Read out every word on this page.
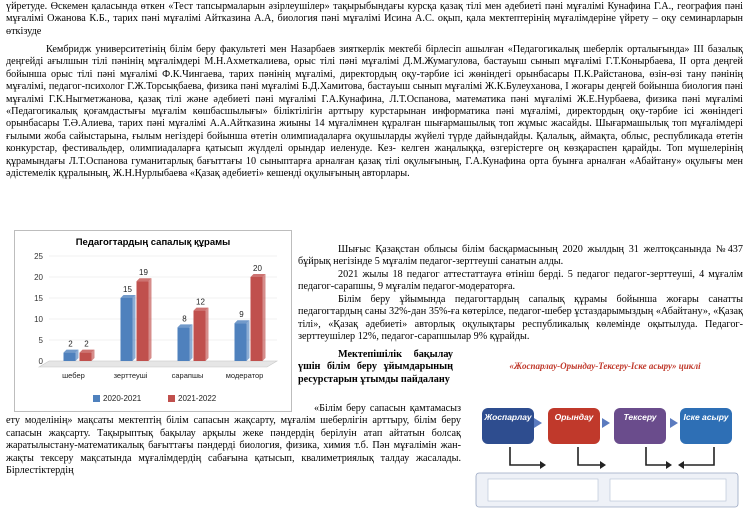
үйретуде. Өскемен қаласында өткен «Тест тапсырмаларын әзірлеушілер» тақырыбындағы курсқа қазақ тілі мен әдебиеті пәні мұғалімі Кунафина Г.А., география пәні мұғалімі Ожанова К.Б., тарих пәні мұғалімі Айтказина А.А, биология пәні мұғалімі Исина А.С. оқып, қала мектептерінің мұғалімдеріне үйрету – оқу семинарларын өткізуде

Кембридж университетінің білім беру факультеті мен Назарбаев зияткерлік мектебі бірлесіп ашылған «Педагогикалық шеберлік орталығында» III базалық деңгейді ағылшын тілі пәнінің мұғалімдері М.Н.Ахметкалиева, орыс тілі пәні мұғалімі Д.М.Жумагулова, бастауыш сынып мұғалімі Г.Т.Конырбаева, II орта деңгей бойынша орыс тілі пәні мұғалімі Ф.К.Чингаева, тарих пәнінің мұғалімі, директордың оқу-тәрбие ісі жөніндегі орынбасары П.К.Райстанова, өзін-өзі тану пәнінің мұғалімі, педагог-психолог Г.Ж.Торсықбаева, физика пәні мұғалімі Б.Д.Хамитова, бастауыш сынып мұғалімі Ж.К.Булеуханова, I жоғары деңгей бойынша биология пәні мұғалімі Г.К.Ныгметжанова, қазақ тілі және әдебиеті пәні мұғалімі Г.А.Кунафина, Л.Т.Оспанова, математика пәні мұғалімі Ж.Е.Нурбаева, физика пәні мұғалімі «Педагогикалық қоғамдастығы мұғалім көшбасшылығы» біліктілігін арттыру курстарынан информатика пәні мұғалімі, директордың оқу-тәрбие ісі жөніндегі орынбасары Т.Ә.Алиева, тарих пәні мұғалімі А.А.Айтказина жиыны 14 мұғалімнен құралған шығармашылық топ жұмыс жасайды. Шығармашылық топ мұғалімдері ғылыми жоба сайыстарына, ғылым негіздері бойынша өтетін олимпиадаларға оқушыларды жүйелі түрде дайындайды. Қалалық, аймақта, облыс, республикада өтетін конкурстар, фестивальдер, олимпиадаларға қатысып жүлделі орындар иеленуде. Кез- келген жаңалыққа, өзгерістерге оң көзқараспен қарайды. Топ мүшелерінің құрамындағы Л.Т.Оспанова гуманитарлық бағыттағы 10 сыныптарға арналған қазақ тілі оқулығының, Г.А.Кунафина орта буынға арналған «Абайтану» оқулығы мен әдістемелік құралының, Ж.Н.Нурлыбаева «Қазақ әдебиеті» кешенді оқулығының авторлары.

Педагогтардың сапалық құрамы
0
5
10
15
20
25
2 2
шебер
15
19
зерттеуші
8
12
сарапшы
9
20
модератор
2020-2021	2021-2022

Шығыс Қазақстан облысы білім басқармасының 2020 жылдың 31 желтоқсанында №437 бұйрық негізінде 5 мұғалім педагог-зерттеуші санатын алды.

2021 жылы 18 педагог аттестаттауға өтініш берді. 5 педагог педагог-зерттеуші, 4 мұғалім педагог-сарапшы, 9 мұғалім педагог-модераторға.

Білім беру ұйымында педагогтардың сапалық құрамы бойынша жоғары санатты педагогтардың саны 32%-дан 35%-ға көтерілсе, педагог-шебер ұстаздарымыздың «Абайтану», «Қазақ тілі», «Қазақ әдебиеті» авторлық оқулықтары республикалық көлемінде оқытылуда. Педагог-зерттеушілер 12%, педагог-сарапшылар 9% құрайды.

Мектепішілік бақылау үшін білім беру ұйымдарының ресурстарын ұтымды пайдалану

«Білім беру сапасын қамтамасыз ету моделінің» мақсаты мектептің білім сапасын жақсарту, мұғалім шеберлігін арттыру, білім беру сапасын жақсарту. Тақырыптық бақылау арқылы жеке пәндердің берілуін атап айтатын болсақ жаратылыстану-математикалық бағыттағы пәндерді биология, физика, химия т.б. Пән мұғалімін жан-жақты тексеру мақсатында мұғалімдердің сабағына қатысып, квалиметриялық талдау жасалады. Бірлестіктердің

«Жоспарлау-Орындау-Тексеру-Іске асыру» циклі
Жоспарлау	Орындау	Тексеру	Іске асыру
